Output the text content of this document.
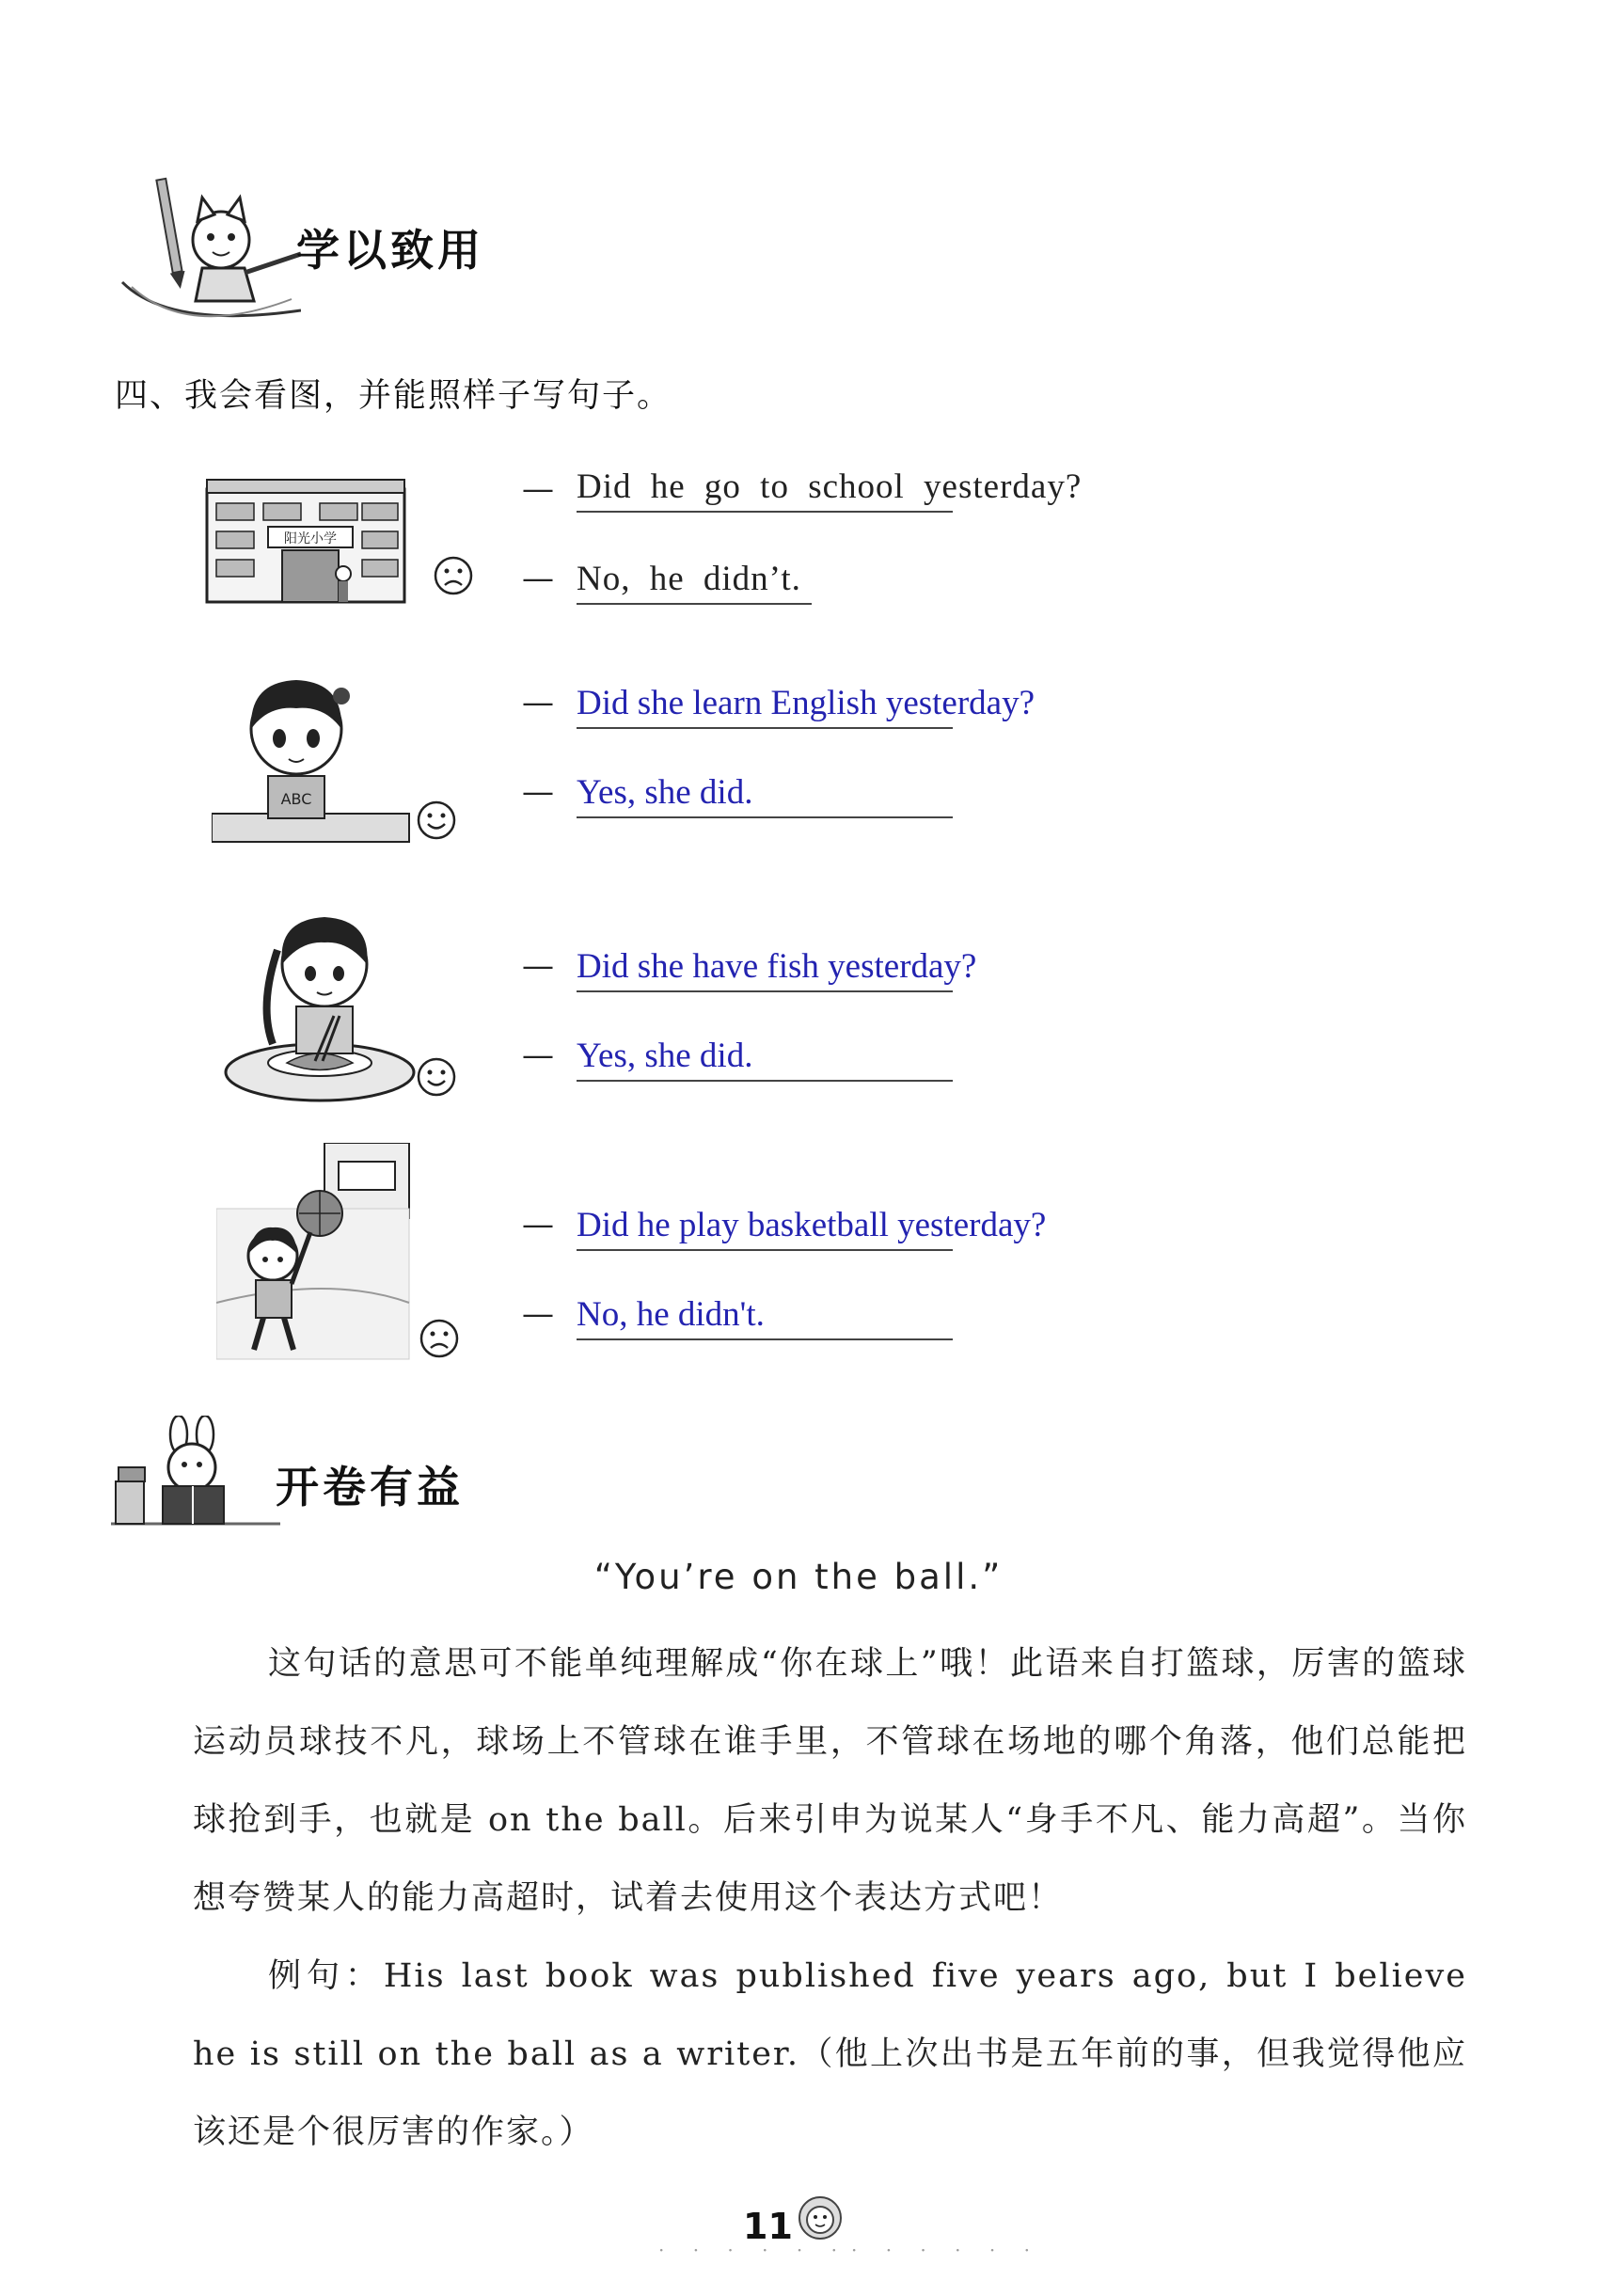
学以致用
四、我会看图，并能照样子写句子。
阳光小学
— Did he go to school yesterday?
— No, he didn’t.
ABC
— Did she learn English yesterday?
— Yes, she did.
— Did she have fish yesterday?
— Yes, she did.
— Did he play basketball yesterday?
— No, he didn't.
开卷有益
“You’re on the ball.”

这句话的意思可不能单纯理解成“你在球上”哦！此语来自打篮球，厉害的篮球运动员球技不凡，球场上不管球在谁手里，不管球在场地的哪个角落，他们总能把球抢到手，也就是 on the ball。后来引申为说某人“身手不凡、能力高超”。当你想夸赞某人的能力高超时，试着去使用这个表达方式吧！

例句：His last book was published five years ago, but I believe he is still on the ball as a writer.（他上次出书是五年前的事，但我觉得他应该还是个很厉害的作家。）

· · · · · ·
11
· · · · · ·
